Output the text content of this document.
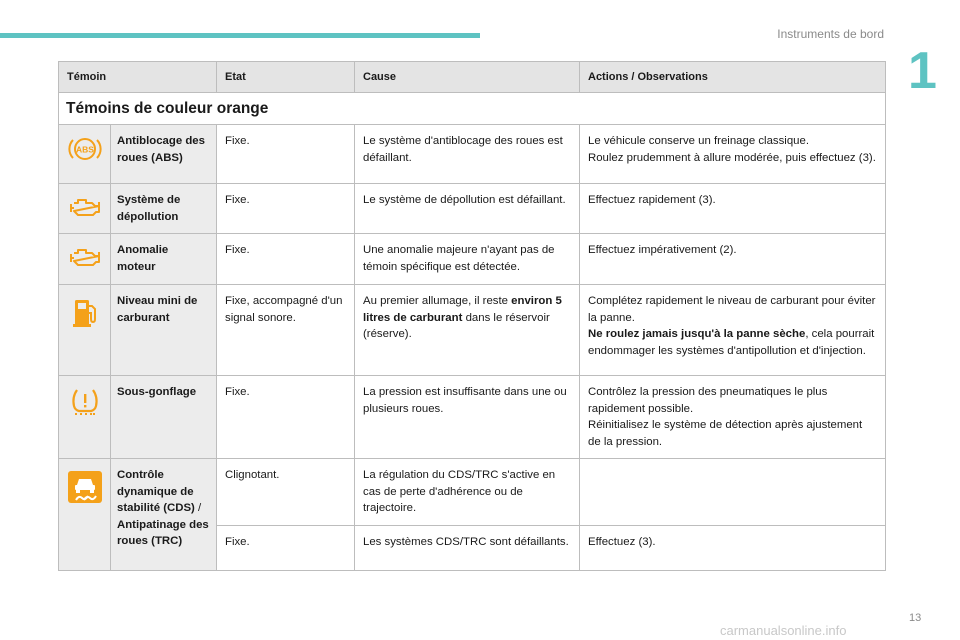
Instruments de bord
1
Témoin		Etat	Cause	Actions / Observations
Témoins de couleur orange				

ABS	Antiblocage des roues (ABS)	Fixe.	Le système d'antiblocage des roues est défaillant.	Le véhicule conserve un freinage classique.
Roulez prudemment à allure modérée, puis effectuez (3).

	Système de dépollution	Fixe.	Le système de dépollution est défaillant.	Effectuez rapidement (3).

	Anomalie moteur	Fixe.	Une anomalie majeure n'ayant pas de témoin spécifique est détectée.	Effectuez impérativement (2).

	Niveau mini de carburant	Fixe, accompagné d'un signal sonore.	Au premier allumage, il reste environ 5 litres de carburant dans le réservoir (réserve).	Complétez rapidement le niveau de carburant pour éviter la panne.
Ne roulez jamais jusqu'à la panne sèche, cela pourrait endommager les systèmes d'antipollution et d'injection.

	Sous-gonflage	Fixe.	La pression est insuffisante dans une ou plusieurs roues.	Contrôlez la pression des pneumatiques le plus rapidement possible.
Réinitialisez le système de détection après ajustement de la pression.

	Contrôle dynamique de stabilité (CDS) / Antipatinage des roues (TRC)	Clignotant.	La régulation du CDS/TRC s'active en cas de perte d'adhérence ou de trajectoire.	
		Fixe.	Les systèmes CDS/TRC sont défaillants.	Effectuez (3).
13
carmanualsonline.info
